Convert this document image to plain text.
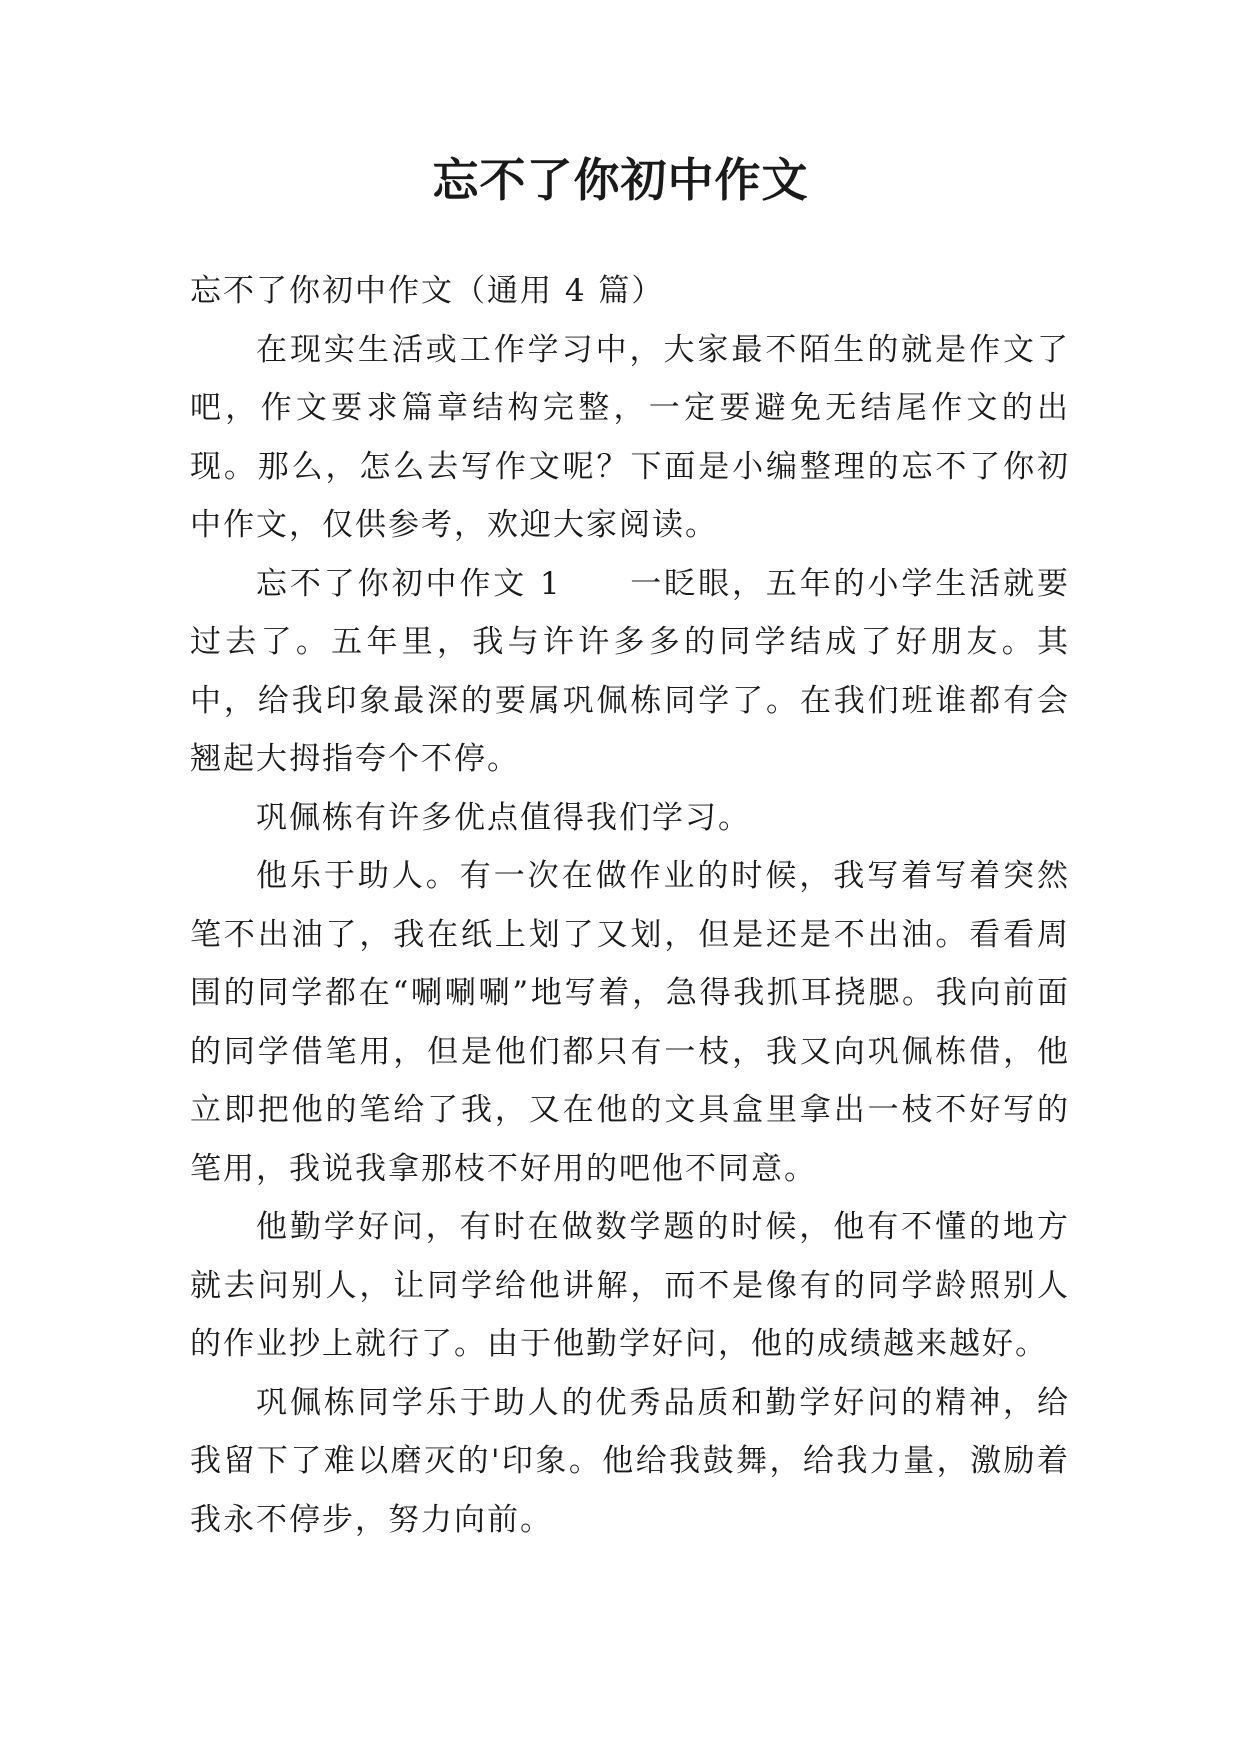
忘不了你初中作文

忘不了你初中作文（通用 4 篇）

在现实生活或工作学习中，大家最不陌生的就是作文了吧，作文要求篇章结构完整，一定要避免无结尾作文的出现。那么，怎么去写作文呢？下面是小编整理的忘不了你初中作文，仅供参考，欢迎大家阅读。

忘不了你初中作文 1　　一眨眼，五年的小学生活就要过去了。五年里，我与许许多多的同学结成了好朋友。其中，给我印象最深的要属巩佩栋同学了。在我们班谁都有会翘起大拇指夸个不停。

巩佩栋有许多优点值得我们学习。

他乐于助人。有一次在做作业的时候，我写着写着突然笔不出油了，我在纸上划了又划，但是还是不出油。看看周围的同学都在“唰唰唰”地写着，急得我抓耳挠腮。我向前面的同学借笔用，但是他们都只有一枝，我又向巩佩栋借，他立即把他的笔给了我，又在他的文具盒里拿出一枝不好写的笔用，我说我拿那枝不好用的吧他不同意。

他勤学好问，有时在做数学题的时候，他有不懂的地方就去问别人，让同学给他讲解，而不是像有的同学龄照别人的作业抄上就行了。由于他勤学好问，他的成绩越来越好。

巩佩栋同学乐于助人的优秀品质和勤学好问的精神，给我留下了难以磨灭的'印象。他给我鼓舞，给我力量，激励着我永不停步，努力向前。
